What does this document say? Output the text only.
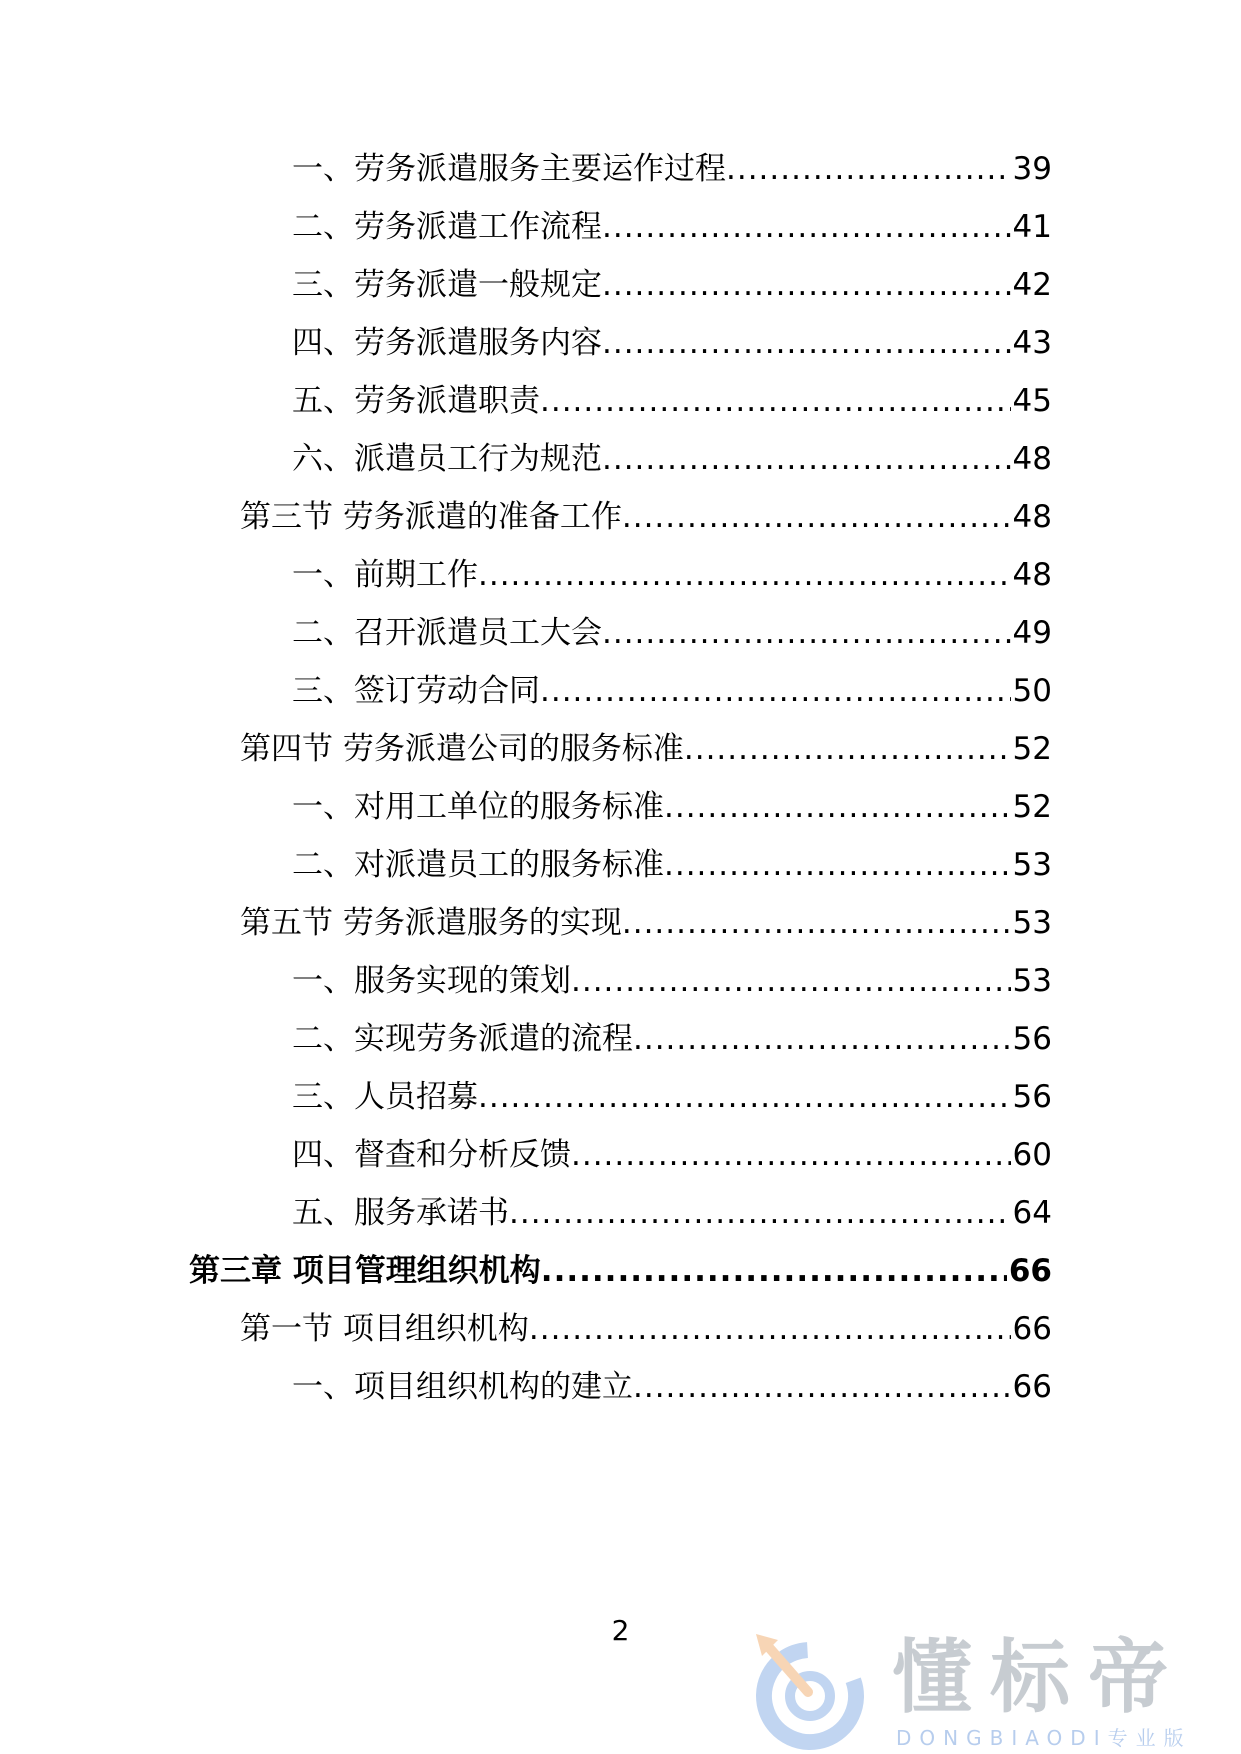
一、劳务派遣服务主要运作过程 .....	39
二、劳务派遣工作流程 .....	41
三、劳务派遣一般规定 .....	42
四、劳务派遣服务内容 .....	43
五、劳务派遣职责 .....	45
六、派遣员工行为规范 .....	48
第三节 劳务派遣的准备工作 .....	48
一、前期工作 .....	48
二、召开派遣员工大会 .....	49
三、签订劳动合同 .....	50
第四节 劳务派遣公司的服务标准 .....	52
一、对用工单位的服务标准 .....	52
二、对派遣员工的服务标准 .....	53
第五节 劳务派遣服务的实现 .....	53
一、服务实现的策划 .....	53
二、实现劳务派遣的流程 .....	56
三、人员招募 .....	56
四、督查和分析反馈 .....	60
五、服务承诺书 .....	64
第三章 项目管理组织机构 .....	66
第一节 项目组织机构 .....	66
一、项目组织机构的建立 .....	66
2
懂标帝
DONGBIAODI专业版
